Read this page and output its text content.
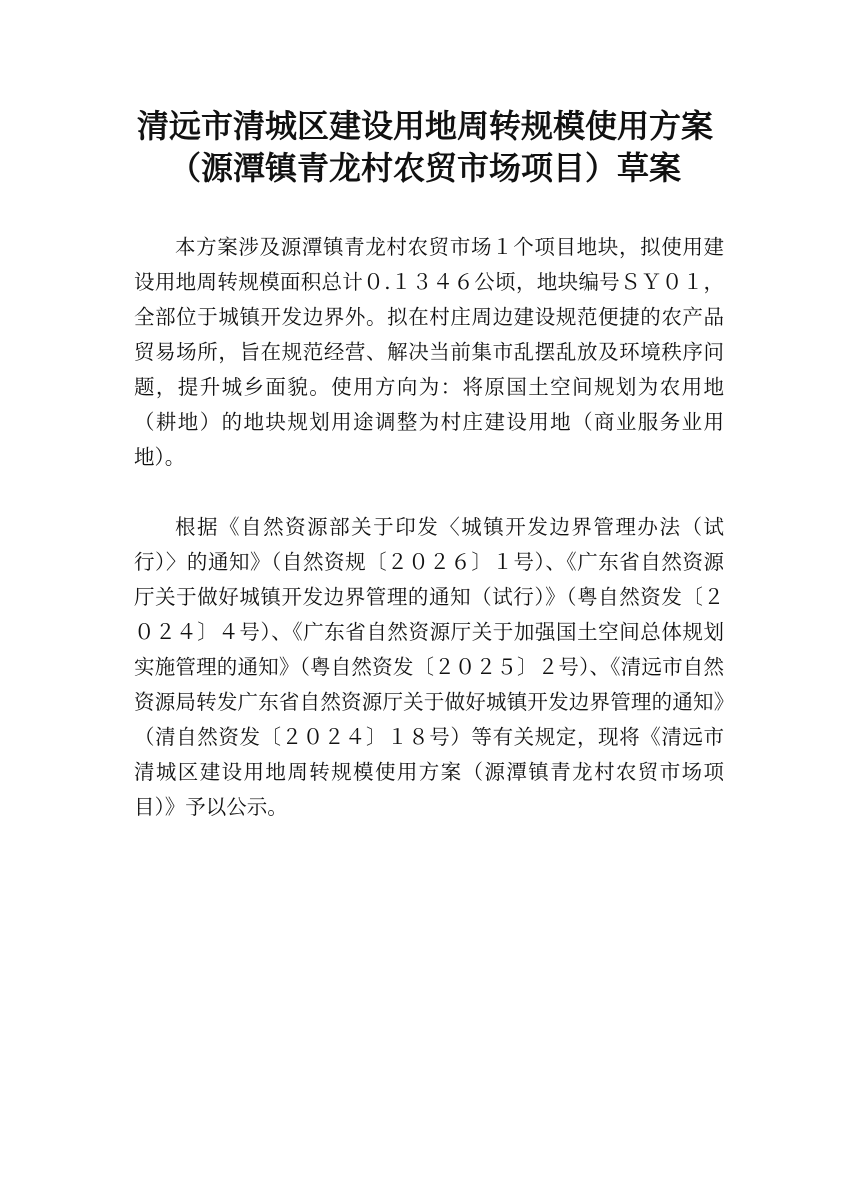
清远市清城区建设用地周转规模使用方案
（源潭镇青龙村农贸市场项目）草案

本方案涉及源潭镇青龙村农贸市场１个项目地块，拟使用建设用地周转规模面积总计０.１３４６公顷，地块编号ＳＹ０１，全部位于城镇开发边界外。拟在村庄周边建设规范便捷的农产品贸易场所，旨在规范经营、解决当前集市乱摆乱放及环境秩序问题，提升城乡面貌。使用方向为：将原国土空间规划为农用地（耕地）的地块规划用途调整为村庄建设用地（商业服务业用地）。

根据《自然资源部关于印发〈城镇开发边界管理办法（试行）〉的通知》（自然资规〔２０２６〕１号）、《广东省自然资源厅关于做好城镇开发边界管理的通知（试行）》（粤自然资发〔２０２４〕４号）、《广东省自然资源厅关于加强国土空间总体规划实施管理的通知》（粤自然资发〔２０２５〕２号）、《清远市自然资源局转发广东省自然资源厅关于做好城镇开发边界管理的通知》（清自然资发〔２０２４〕１８号）等有关规定，现将《清远市清城区建设用地周转规模使用方案（源潭镇青龙村农贸市场项目）》予以公示。
